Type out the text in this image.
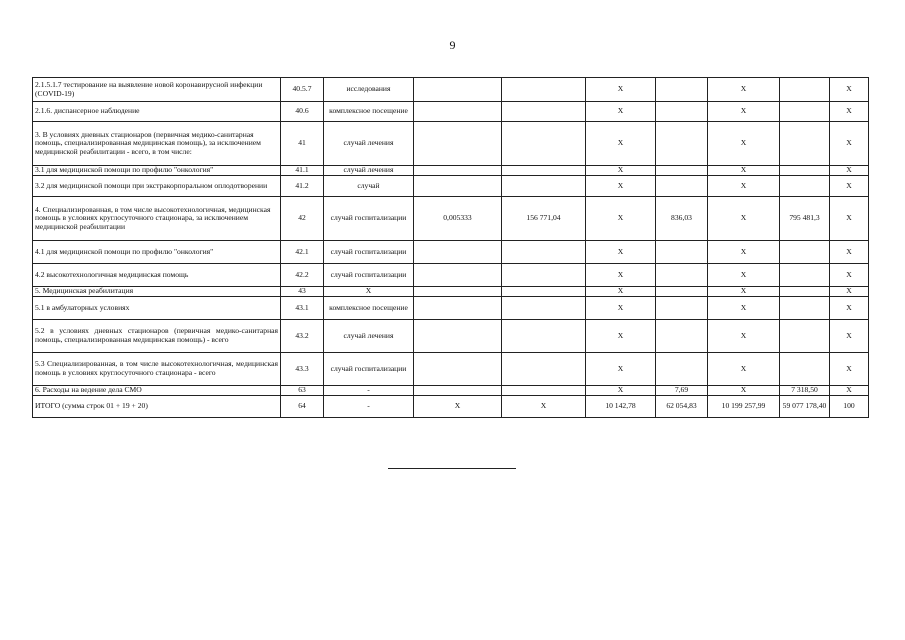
9
2.1.5.1.7 тестирование на выявление новой коронавирусной инфекции (COVID-19)	40.5.7	исследования			X		X		X
2.1.6. диспансерное наблюдение	40.6	комплексное посещение			X		X		X
3. В условиях дневных стационаров (первичная медико-санитарная помощь, специализированная медицинская помощь), за исключением медицинской реабилитации - всего, в том числе:	41	случай лечения			X		X		X
3.1 для медицинской помощи по профилю "онкология"	41.1	случай лечения			X		X		X
3.2 для медицинской помощи при экстракорпоральном оплодотворении	41.2	случай			X		X		X
4. Специализированная, в том числе высокотехнологичная, медицинская помощь в условиях круглосуточного стационара, за исключением медицинской реабилитации	42	случай госпитализации	0,005333	156 771,04	X	836,03	X	795 481,3	X
4.1 для медицинской помощи по профилю "онкология"	42.1	случай госпитализации			X		X		X
4.2 высокотехнологичная медицинская помощь	42.2	случай госпитализации			X		X		X
5. Медицинская реабилитация	43	X			X		X		X
5.1 в амбулаторных условиях	43.1	комплексное посещение			X		X		X
5.2 в условиях дневных стационаров (первичная медико-санитарная помощь, специализированная медицинская помощь) - всего	43.2	случай лечения			X		X		X
5.3 Специализированная, в том числе высокотехнологичная, медицинская помощь в условиях круглосуточного стационара - всего	43.3	случай госпитализации			X		X		X
6. Расходы на ведение дела СМО	63	-			X	7,69	X	7 318,50	X
ИТОГО (сумма строк 01 + 19 + 20)	64	-	X	X	10 142,78	62 054,83	10 199 257,99	59 077 178,40	100
